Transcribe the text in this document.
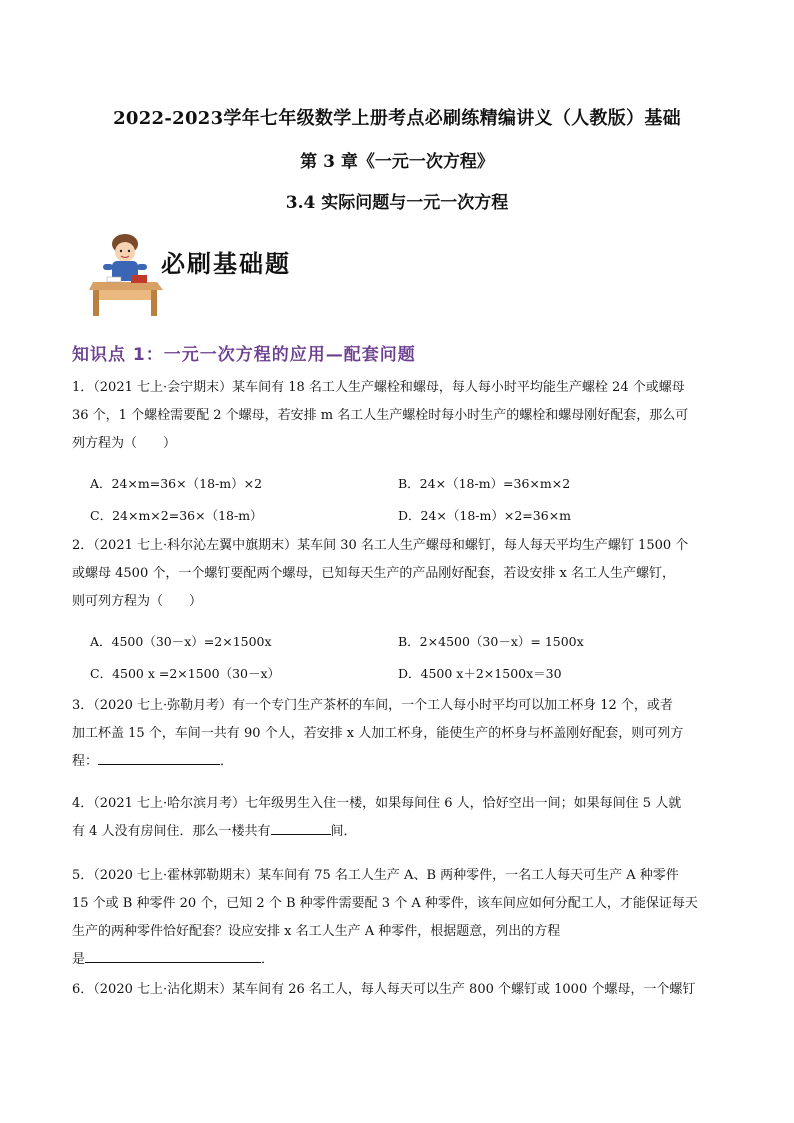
2022-2023学年七年级数学上册考点必刷练精编讲义（人教版）基础
第 3 章《一元一次方程》
3.4 实际问题与一元一次方程
必刷基础题
知识点 1：一元一次方程的应用—配套问题
1．（2021 七上·会宁期末）某车间有 18 名工人生产螺栓和螺母，每人每小时平均能生产螺栓 24 个或螺母
36 个，1 个螺栓需要配 2 个螺母，若安排 m 名工人生产螺栓时每小时生产的螺栓和螺母刚好配套，那么可
列方程为（　　）
A．24×m=36×（18-m）×2	B．24×（18-m）=36×m×2
C．24×m×2=36×（18-m）	D．24×（18-m）×2=36×m
2．（2021 七上·科尔沁左翼中旗期末）某车间 30 名工人生产螺母和螺钉，每人每天平均生产螺钉 1500 个
或螺母 4500 个，一个螺钉要配两个螺母，已知每天生产的产品刚好配套，若设安排 x 名工人生产螺钉，
则可列方程为（　　）
A．4500（30－x）=2×1500x	B．2×4500（30－x）= 1500x
C．4500 x =2×1500（30－x）	D．4500 x＋2×1500x＝30
3．（2020 七上·弥勒月考）有一个专门生产茶杯的车间，一个工人每小时平均可以加工杯身 12 个，或者
加工杯盖 15 个，车间一共有 90 个人，若安排 x 人加工杯身，能使生产的杯身与杯盖刚好配套，则可列方
程：	．
4．（2021 七上·哈尔滨月考）七年级男生入住一楼，如果每间住 6 人，恰好空出一间；如果每间住 5 人就
有 4 人没有房间住．那么一楼共有	间．
5．（2020 七上·霍林郭勒期末）某车间有 75 名工人生产 A、B 两种零件，一名工人每天可生产 A 种零件
15 个或 B 种零件 20 个，已知 2 个 B 种零件需要配 3 个 A 种零件，该车间应如何分配工人，才能保证每天
生产的两种零件恰好配套？设应安排 x 名工人生产 A 种零件，根据题意，列出的方程
是	．
6．（2020 七上·沾化期末）某车间有 26 名工人，每人每天可以生产 800 个螺钉或 1000 个螺母，一个螺钉
